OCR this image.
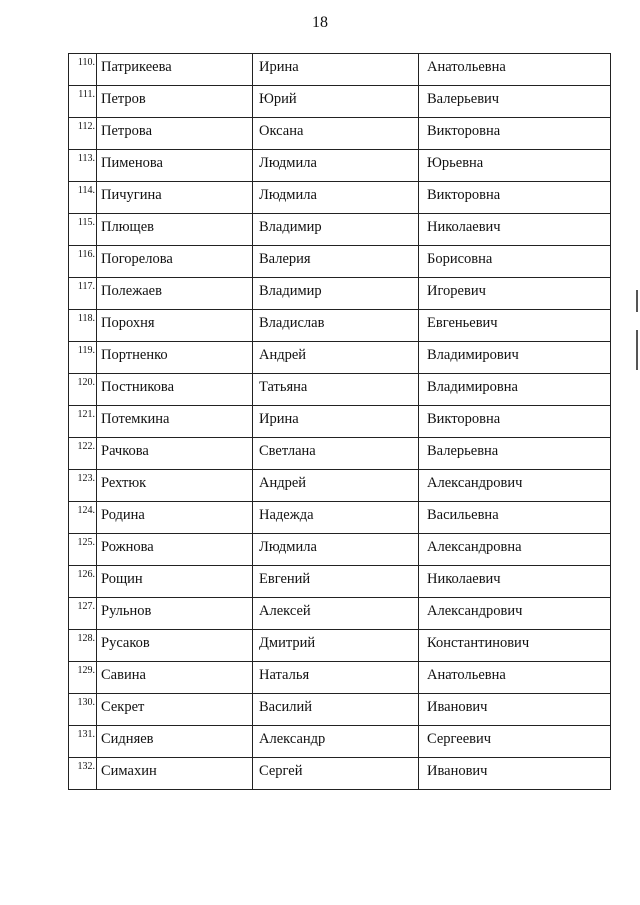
18
110.	Патрикеева	Ирина	Анатольевна
111.	Петров	Юрий	Валерьевич
112.	Петрова	Оксана	Викторовна
113.	Пименова	Людмила	Юрьевна
114.	Пичугина	Людмила	Викторовна
115.	Плющев	Владимир	Николаевич
116.	Погорелова	Валерия	Борисовна
117.	Полежаев	Владимир	Игоревич
118.	Порохня	Владислав	Евгеньевич
119.	Портненко	Андрей	Владимирович
120.	Постникова	Татьяна	Владимировна
121.	Потемкина	Ирина	Викторовна
122.	Рачкова	Светлана	Валерьевна
123.	Рехтюк	Андрей	Александрович
124.	Родина	Надежда	Васильевна
125.	Рожнова	Людмила	Александровна
126.	Рощин	Евгений	Николаевич
127.	Рульнов	Алексей	Александрович
128.	Русаков	Дмитрий	Константинович
129.	Савина	Наталья	Анатольевна
130.	Секрет	Василий	Иванович
131.	Сидняев	Александр	Сергеевич
132.	Симахин	Сергей	Иванович
